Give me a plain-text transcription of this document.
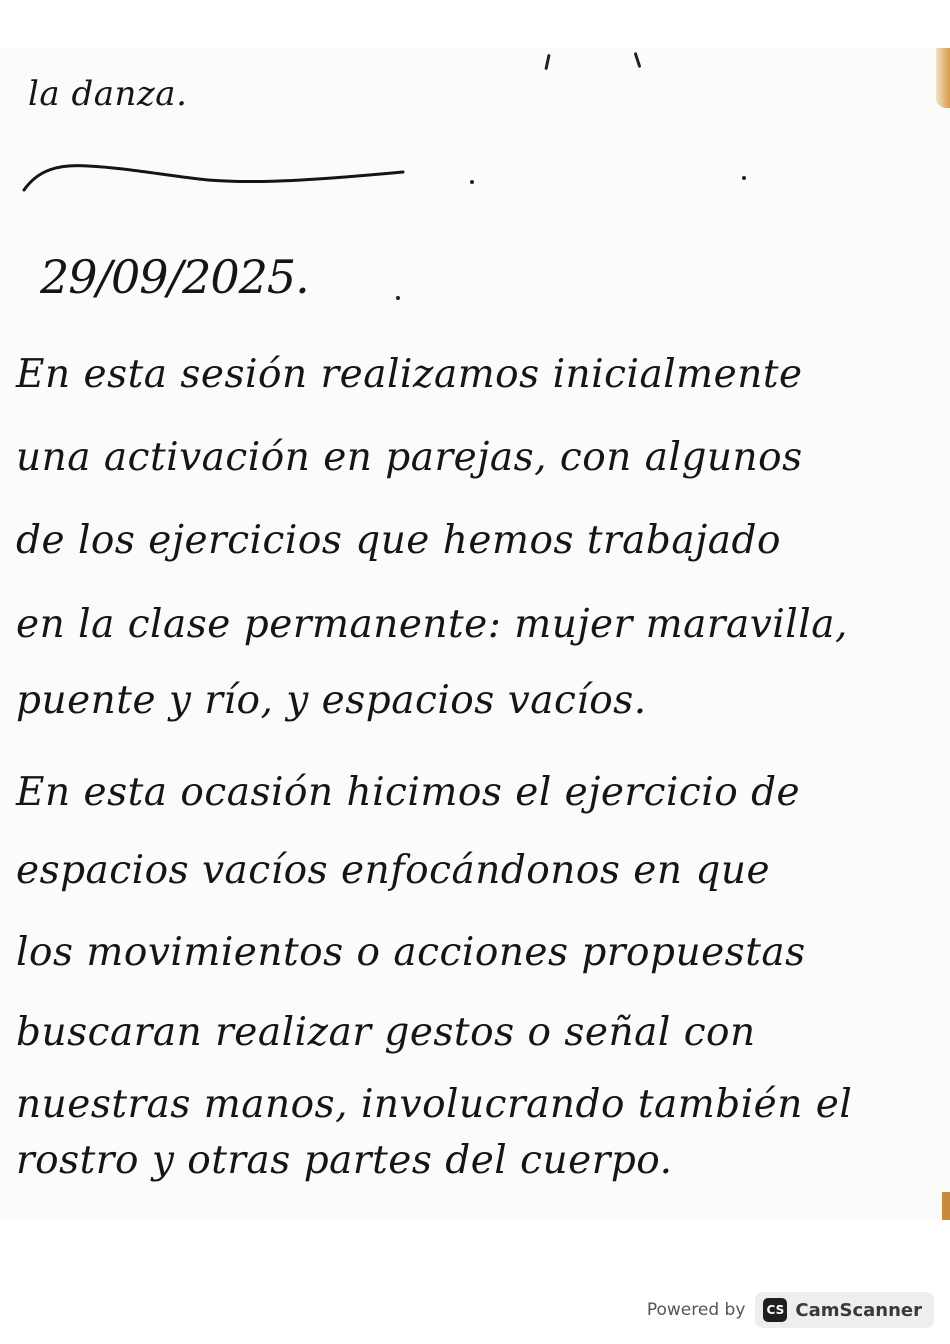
la danza.
29/09/2025.
En esta sesión realizamos inicialmente
una activación en parejas, con algunos
de los ejercicios que hemos trabajado
en la clase permanente: mujer maravilla,
puente y río, y espacios vacíos.
En esta ocasión hicimos el ejercicio de
espacios vacíos enfocándonos en que
los movimientos o acciones propuestas
buscaran realizar gestos o señal con
nuestras manos, involucrando también el
rostro y otras partes del cuerpo.
Powered by CS CamScanner
